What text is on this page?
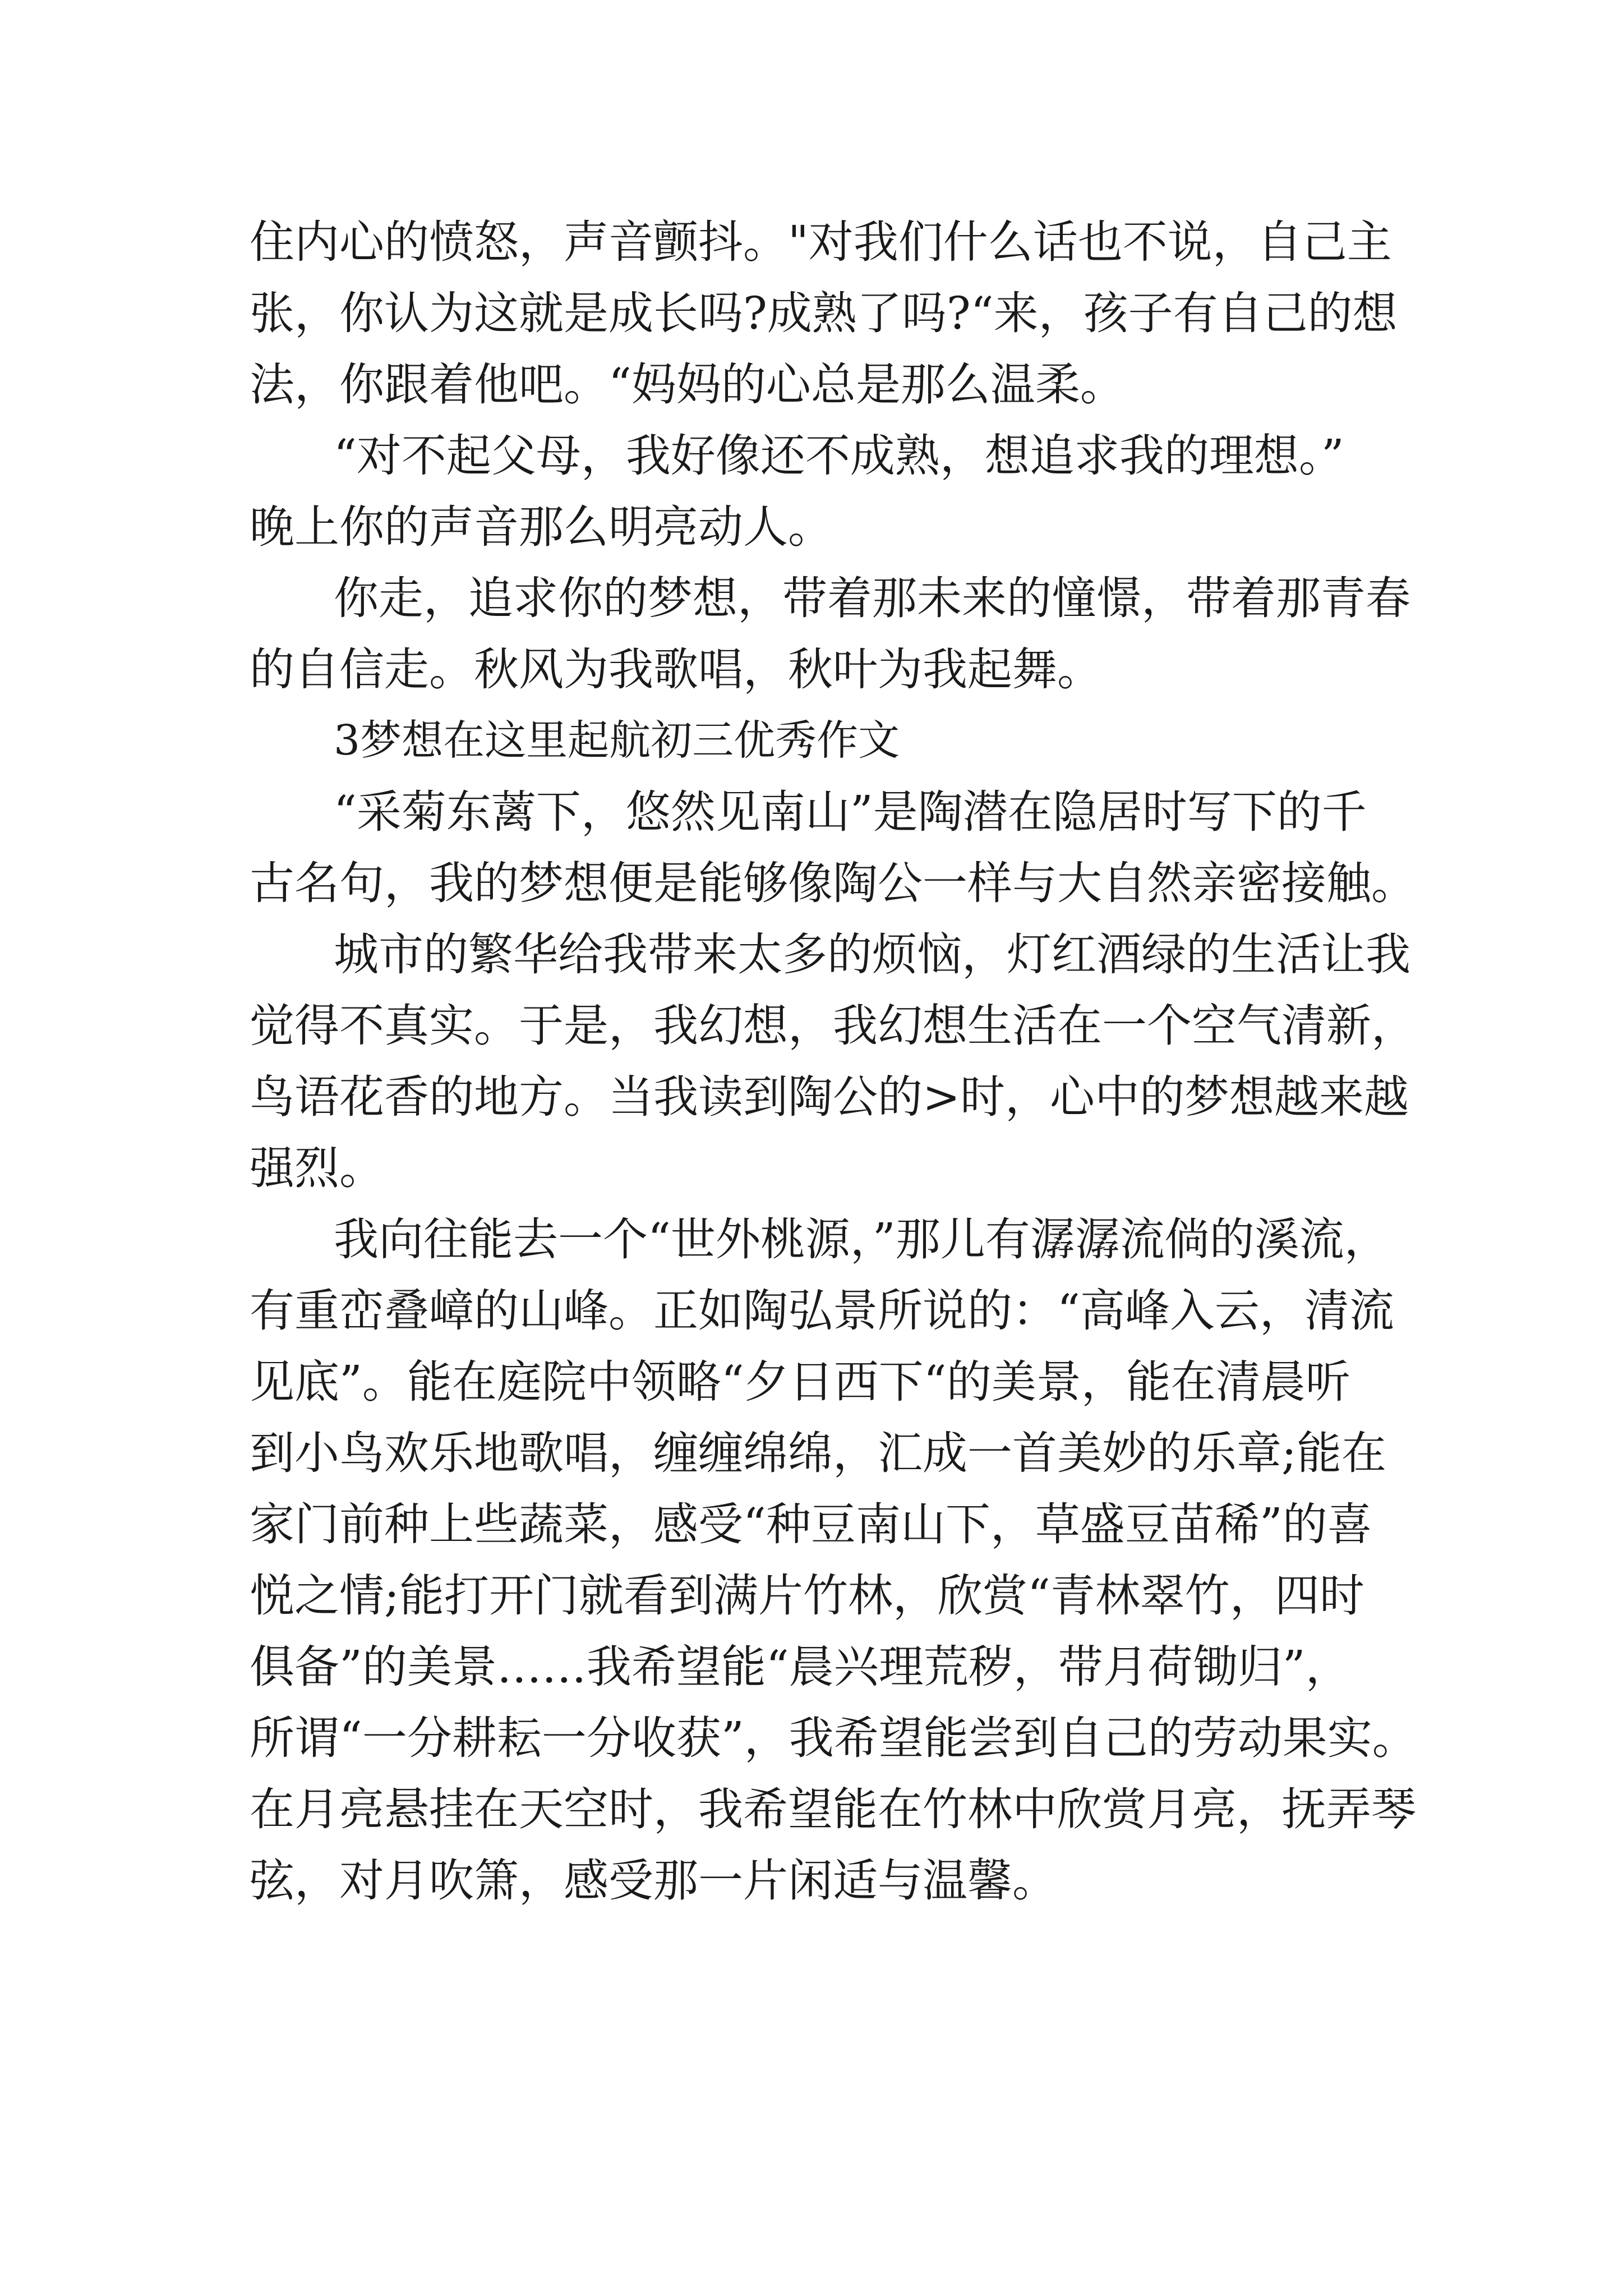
住内心的愤怒，声音颤抖。"对我们什么话也不说，自己主

张，你认为这就是成长吗?成熟了吗?“来，孩子有自己的想

法，你跟着他吧。“妈妈的心总是那么温柔。

“对不起父母，我好像还不成熟，想追求我的理想。”

晚上你的声音那么明亮动人。

你走，追求你的梦想，带着那未来的憧憬，带着那青春

的自信走。秋风为我歌唱，秋叶为我起舞。

3梦想在这里起航初三优秀作文

“采菊东蓠下，悠然见南山”是陶潜在隐居时写下的千

古名句，我的梦想便是能够像陶公一样与大自然亲密接触。

城市的繁华给我带来太多的烦恼，灯红酒绿的生活让我

觉得不真实。于是，我幻想，我幻想生活在一个空气清新，

鸟语花香的地方。当我读到陶公的>时，心中的梦想越来越

强烈。

我向往能去一个“世外桃源，”那儿有潺潺流倘的溪流，

有重峦叠嶂的山峰。正如陶弘景所说的：“高峰入云，清流

见底”。能在庭院中领略“夕日西下“的美景，能在清晨听

到小鸟欢乐地歌唱，缠缠绵绵，汇成一首美妙的乐章;能在

家门前种上些蔬菜，感受“种豆南山下，草盛豆苗稀”的喜

悦之情;能打开门就看到满片竹林，欣赏“青林翠竹，四时

俱备”的美景……我希望能“晨兴理荒秽，带月荷锄归”，

所谓“一分耕耘一分收获”，我希望能尝到自己的劳动果实。

在月亮悬挂在天空时，我希望能在竹林中欣赏月亮，抚弄琴

弦，对月吹箫，感受那一片闲适与温馨。
